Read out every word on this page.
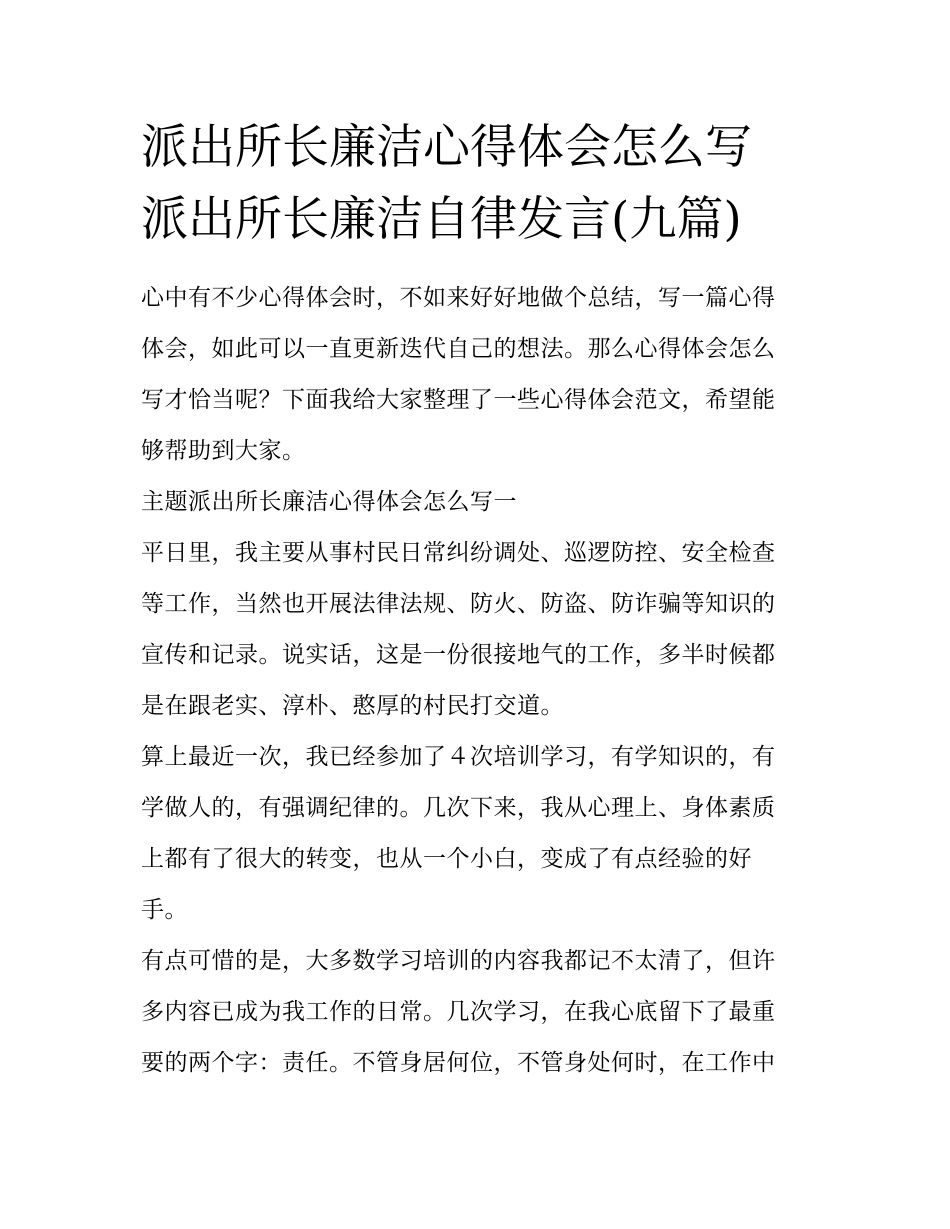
派出所长廉洁心得体会怎么写
派出所长廉洁自律发言(九篇)

心中有不少心得体会时，不如来好好地做个总结，写一篇心得
体会，如此可以一直更新迭代自己的想法。那么心得体会怎么
写才恰当呢？下面我给大家整理了一些心得体会范文，希望能
够帮助到大家。

主题派出所长廉洁心得体会怎么写一

平日里，我主要从事村民日常纠纷调处、巡逻防控、安全检查
等工作，当然也开展法律法规、防火、防盗、防诈骗等知识的
宣传和记录。说实话，这是一份很接地气的工作，多半时候都
是在跟老实、淳朴、憨厚的村民打交道。

算上最近一次，我已经参加了４次培训学习，有学知识的，有
学做人的，有强调纪律的。几次下来，我从心理上、身体素质
上都有了很大的转变，也从一个小白，变成了有点经验的好
手。

有点可惜的是，大多数学习培训的内容我都记不太清了，但许
多内容已成为我工作的日常。几次学习，在我心底留下了最重
要的两个字：责任。不管身居何位，不管身处何时，在工作中
